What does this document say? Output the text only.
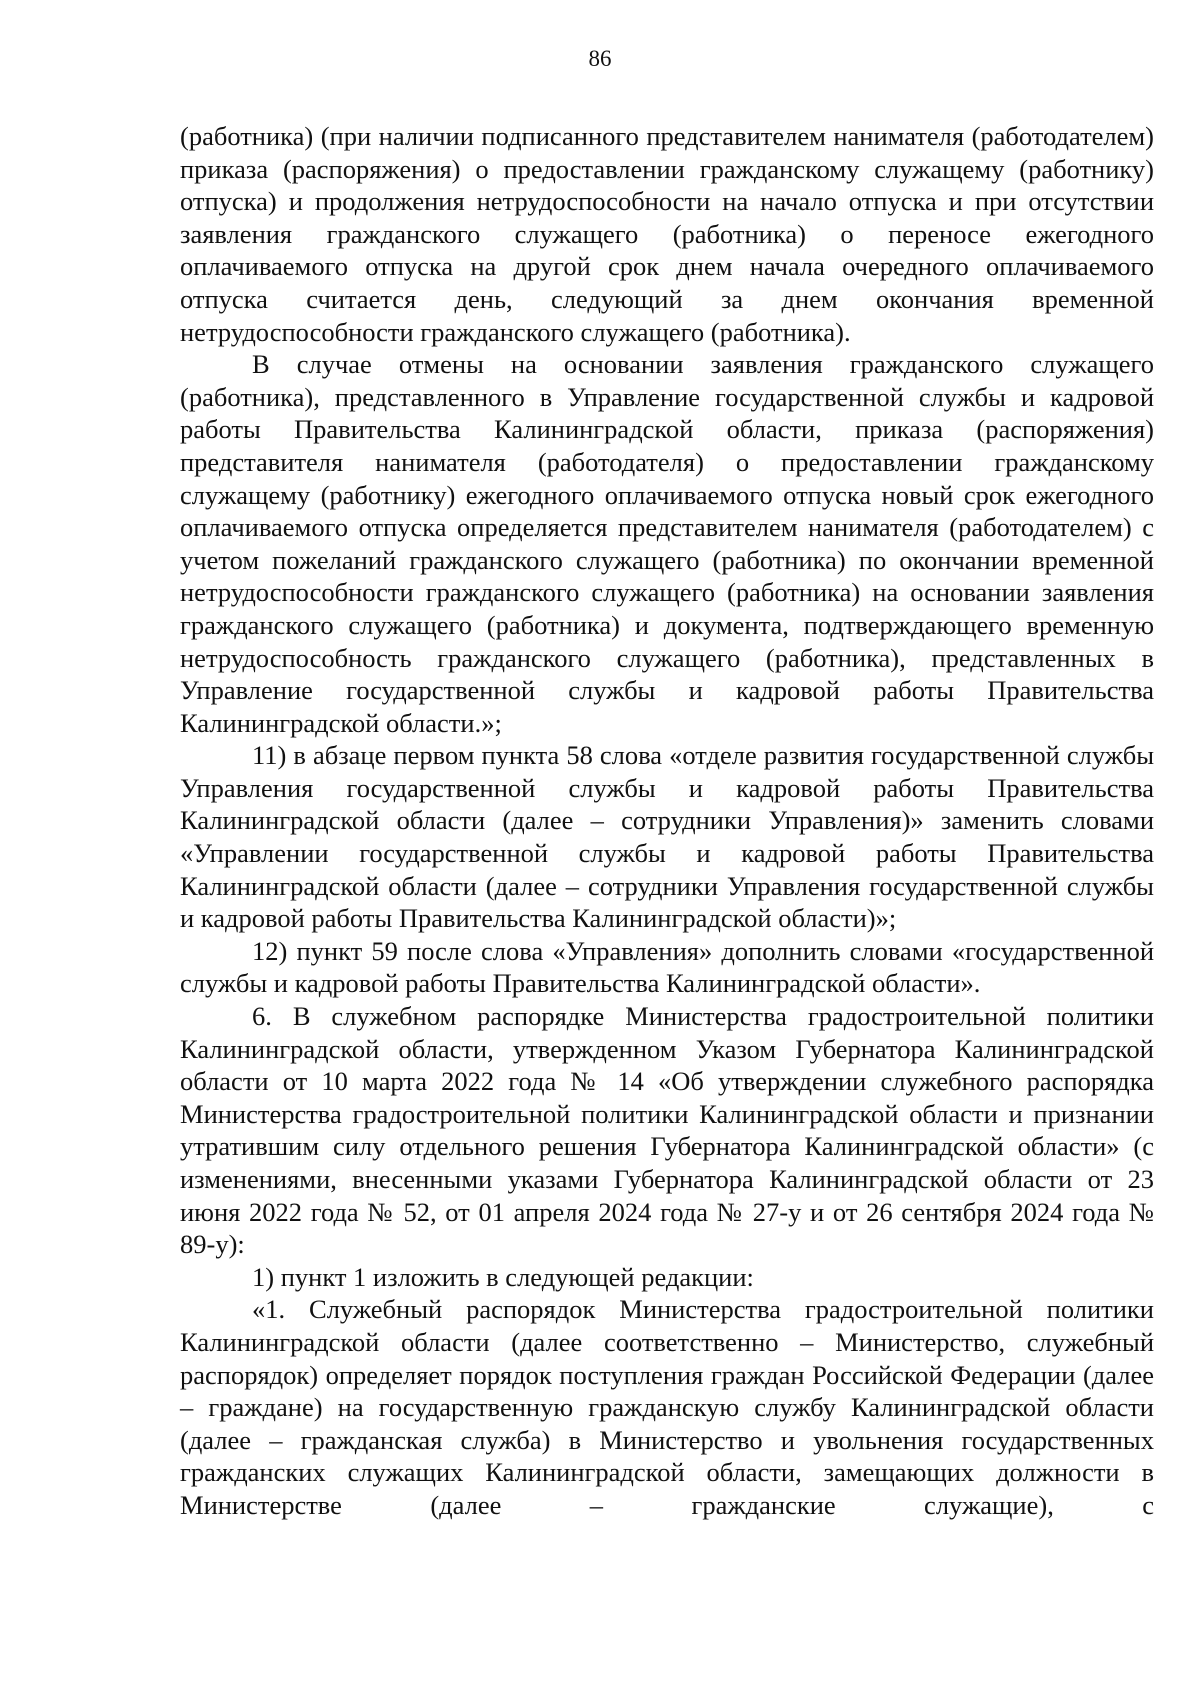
86

(работника) (при наличии подписанного представителем нанимателя (работодателем) приказа (распоряжения) о предоставлении гражданскому служащему (работнику) отпуска) и продолжения нетрудоспособности на начало отпуска и при отсутствии заявления гражданского служащего (работника) о переносе ежегодного оплачиваемого отпуска на другой срок днем начала очередного оплачиваемого отпуска считается день, следующий за днем окончания временной нетрудоспособности гражданского служащего (работника).

В случае отмены на основании заявления гражданского служащего (работника), представленного в Управление государственной службы и кадровой работы Правительства Калининградской области, приказа (распоряжения) представителя нанимателя (работодателя) о предоставлении гражданскому служащему (работнику) ежегодного оплачиваемого отпуска новый срок ежегодного оплачиваемого отпуска определяется представителем нанимателя (работодателем) с учетом пожеланий гражданского служащего (работника) по окончании временной нетрудоспособности гражданского служащего (работника) на основании заявления гражданского служащего (работника) и документа, подтверждающего временную нетрудоспособность гражданского служащего (работника), представленных в Управление государственной службы и кадровой работы Правительства Калининградской области.»;

11) в абзаце первом пункта 58 слова «отделе развития государственной службы Управления государственной службы и кадровой работы Правительства Калининградской области (далее – сотрудники Управления)» заменить словами «Управлении государственной службы и кадровой работы Правительства Калининградской области (далее – сотрудники Управления государственной службы и кадровой работы Правительства Калининградской области)»;

12) пункт 59 после слова «Управления» дополнить словами «государственной службы и кадровой работы Правительства Калининградской области».

6. В служебном распорядке Министерства градостроительной политики Калининградской области, утвержденном Указом Губернатора Калининградской области от 10 марта 2022 года № 14 «Об утверждении служебного распорядка Министерства градостроительной политики Калининградской области и признании утратившим силу отдельного решения Губернатора Калининградской области» (с изменениями, внесенными указами Губернатора Калининградской области от 23 июня 2022 года № 52, от 01 апреля 2024 года № 27-у и от 26 сентября 2024 года № 89-у):

1) пункт 1 изложить в следующей редакции:

«1. Служебный распорядок Министерства градостроительной политики Калининградской области (далее соответственно – Министерство, служебный распорядок) определяет порядок поступления граждан Российской Федерации (далее – граждане) на государственную гражданскую службу Калининградской области (далее – гражданская служба) в Министерство и увольнения государственных гражданских служащих Калининградской области, замещающих должности в Министерстве (далее – гражданские служащие), с
